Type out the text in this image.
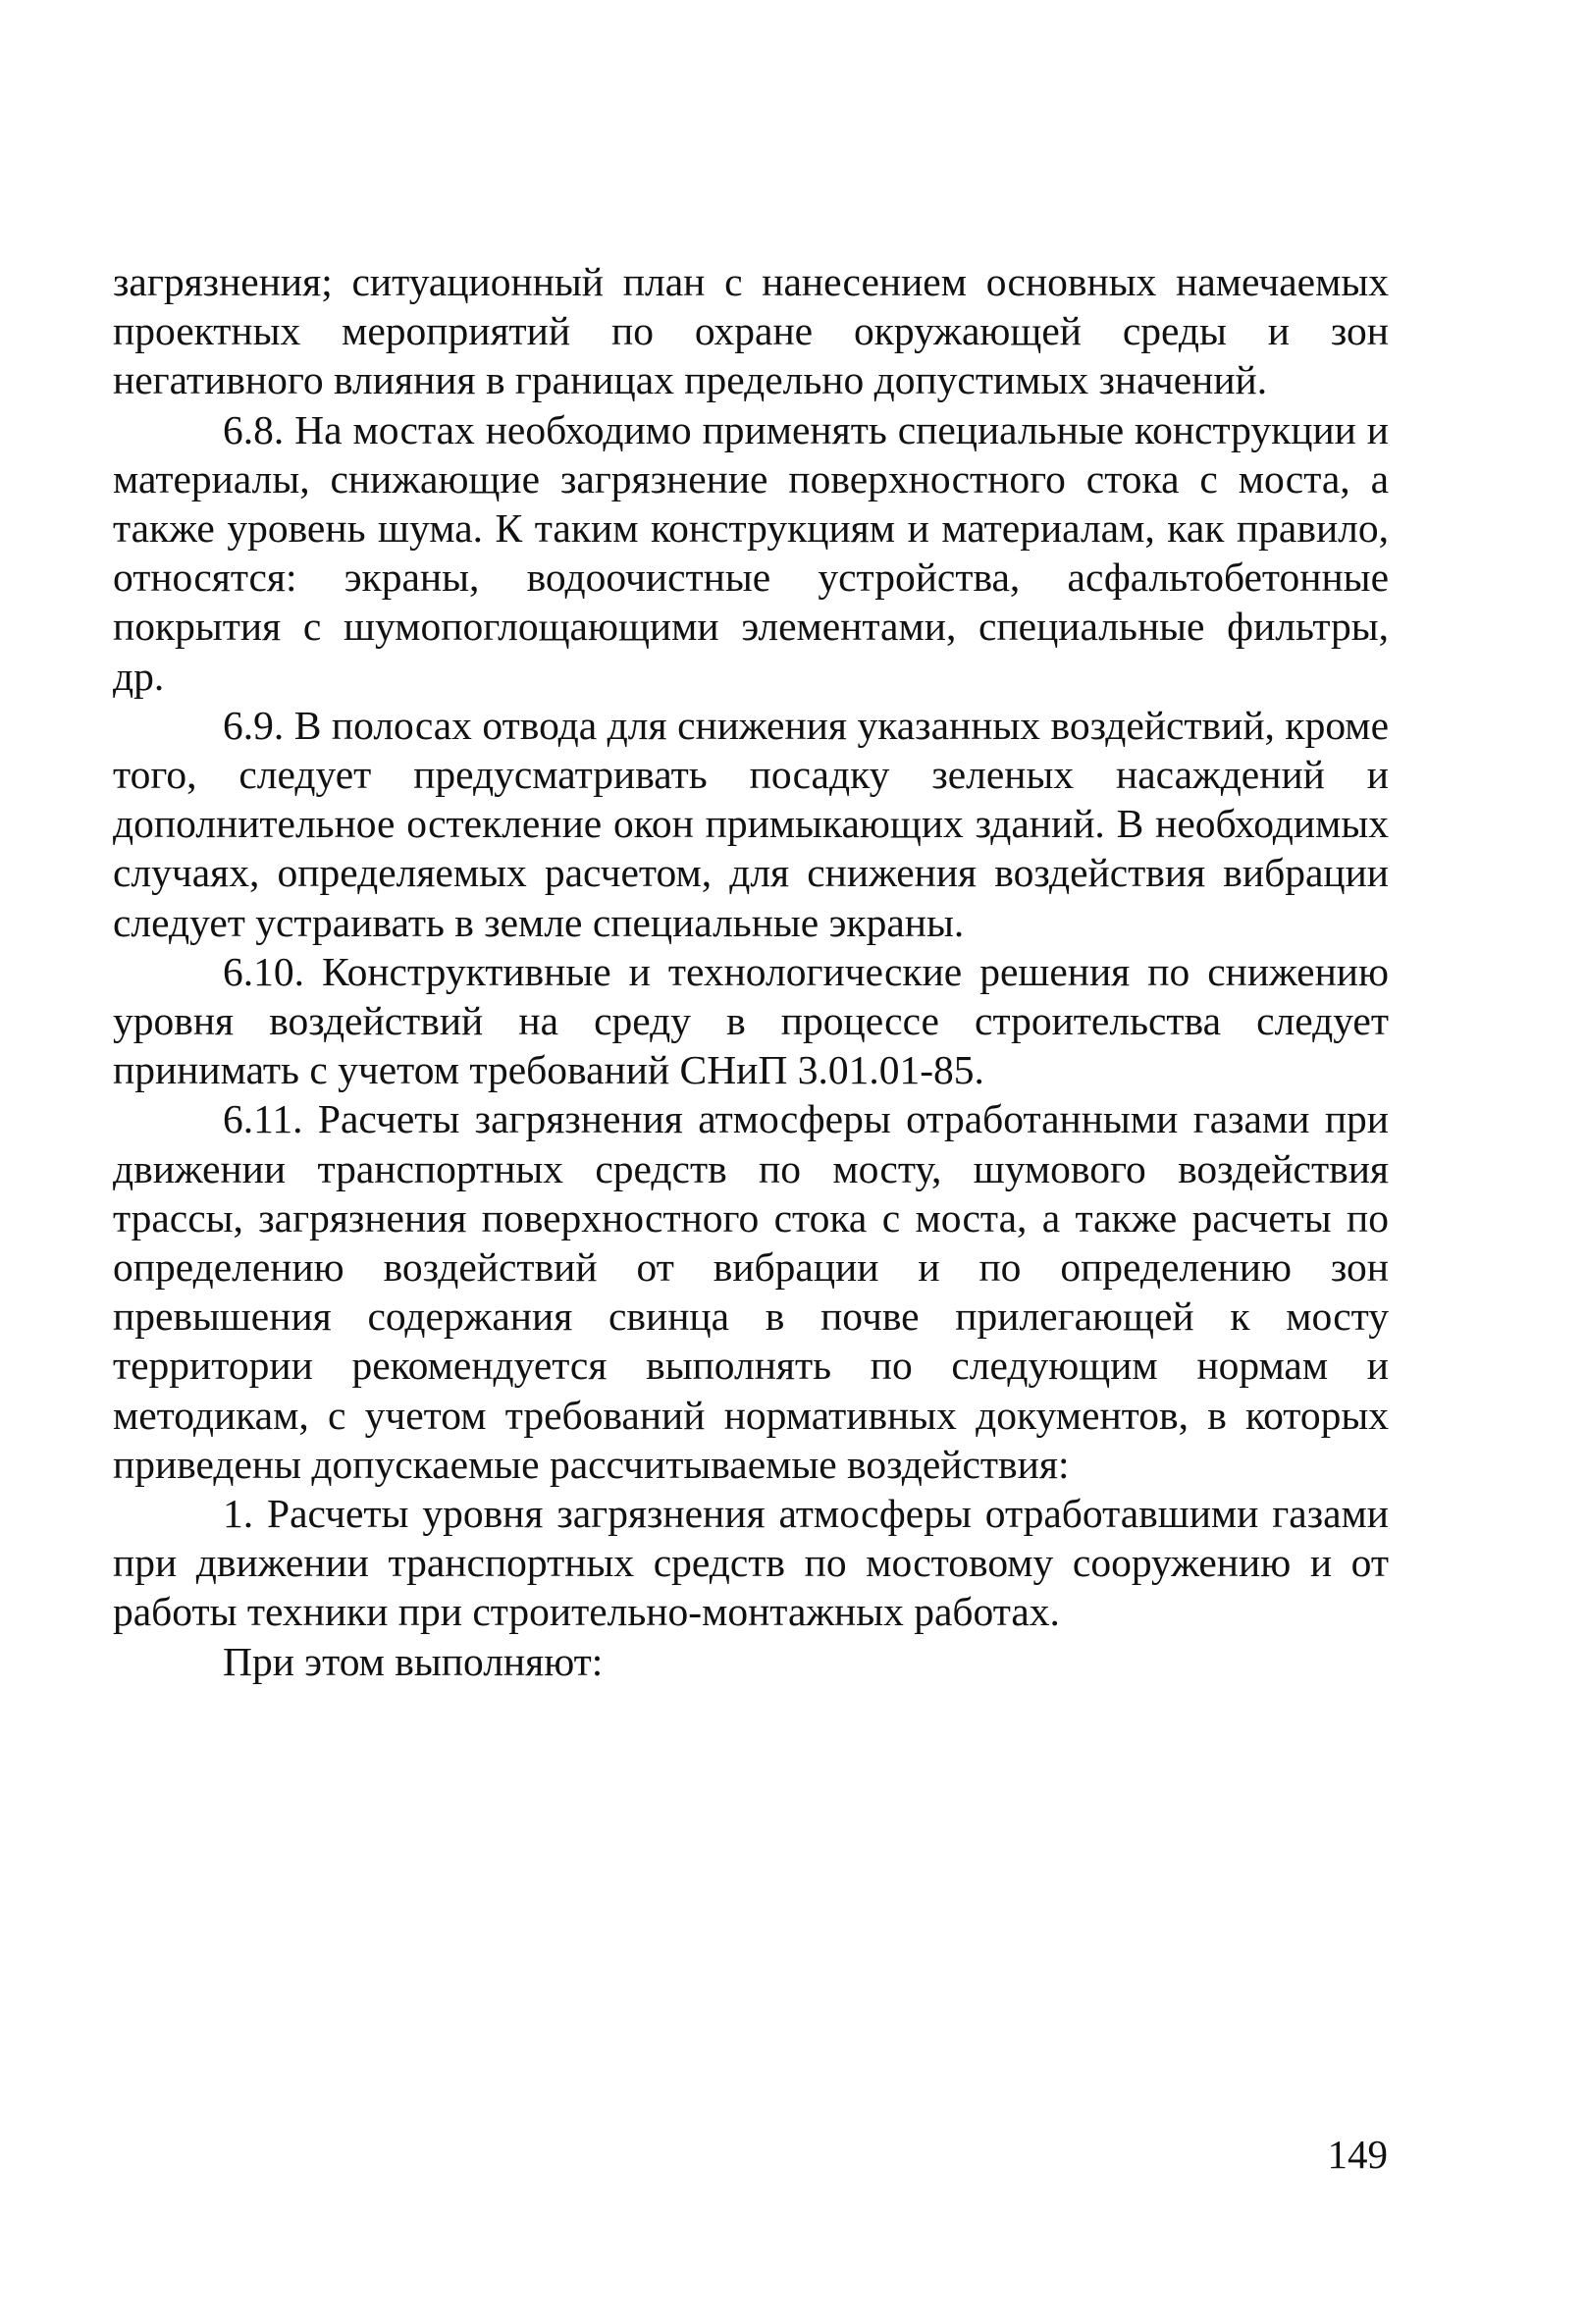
загрязнения; ситуационный план с нанесением основных намечаемых проектных мероприятий по охране окружающей среды и зон негативного влияния в границах предельно допустимых значений.

6.8. На мостах необходимо применять специальные конструкции и материалы, снижающие загрязнение поверхностного стока с моста, а также уровень шума. К таким конструкциям и материалам, как правило, относятся: экраны, водоочистные устройства, асфальтобетонные покрытия с шумопоглощающими элементами, специальные фильтры, др.

6.9. В полосах отвода для снижения указанных воздействий, кроме того, следует предусматривать посадку зеленых насаждений и дополнительное остекление окон примыкающих зданий. В необходимых случаях, определяемых расчетом, для снижения воздействия вибрации следует устраивать в земле специальные экраны.

6.10. Конструктивные и технологические решения по снижению уровня воздействий на среду в процессе строительства следует принимать с учетом требований СНиП 3.01.01-85.

6.11. Расчеты загрязнения атмосферы отработанными газами при движении транспортных средств по мосту, шумового воздействия трассы, загрязнения поверхностного стока с моста, а также расчеты по определению воздействий от вибрации и по определению зон превышения содержания свинца в почве прилегающей к мосту территории рекомендуется выполнять по следующим нормам и методикам, с учетом требований нормативных документов, в которых приведены допускаемые рассчитываемые воздействия:

1. Расчеты уровня загрязнения атмосферы отработавшими газами при движении транспортных средств по мостовому сооружению и от работы техники при строительно-монтажных работах.

При этом выполняют:

149
